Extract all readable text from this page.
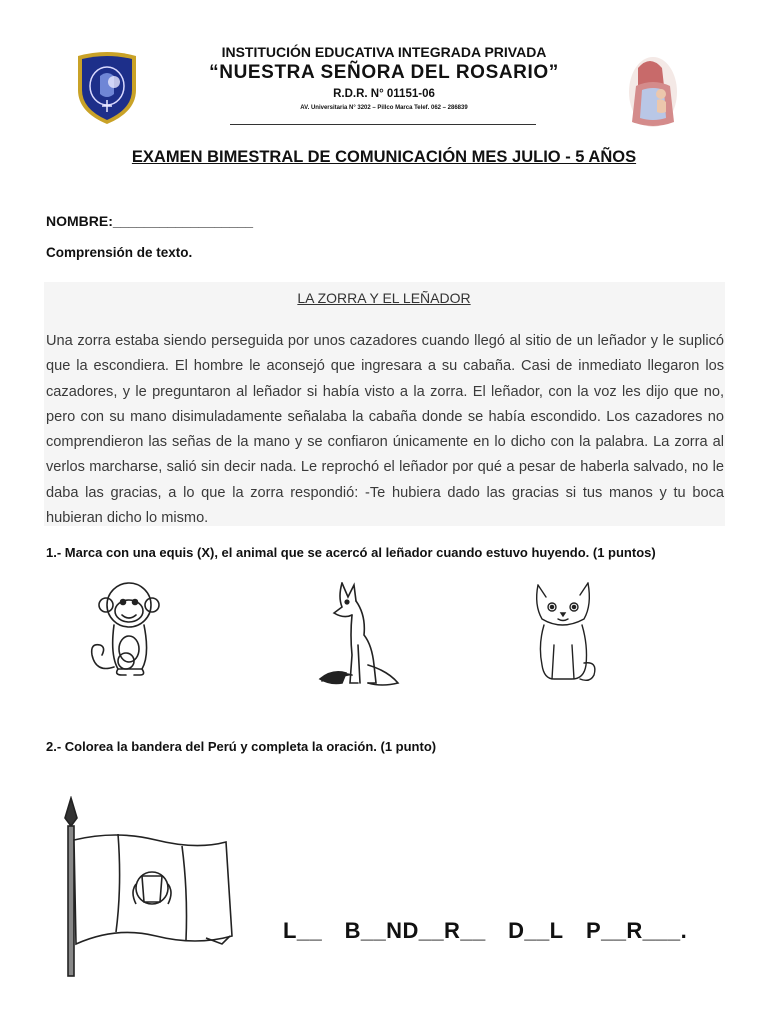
INSTITUCIÓN EDUCATIVA INTEGRADA PRIVADA
“NUESTRA SEÑORA DEL ROSARIO”
R.D.R. N° 01151-06
AV. Universitaria N° 3202 – Pillco Marca Telef. 062 – 286839
EXAMEN BIMESTRAL DE COMUNICACIÓN MES JULIO - 5 AÑOS
NOMBRE:__________________
Comprensión de texto.
LA ZORRA Y EL LEÑADOR
Una zorra estaba siendo perseguida por unos cazadores cuando llegó al sitio de un leñador y le suplicó que la escondiera. El hombre le aconsejó que ingresara a su cabaña. Casi de inmediato llegaron los cazadores, y le preguntaron al leñador si había visto a la zorra. El leñador, con la voz les dijo que no, pero con su mano disimuladamente señalaba la cabaña donde se había escondido. Los cazadores no comprendieron las señas de la mano y se confiaron únicamente en lo dicho con la palabra. La zorra al verlos marcharse, salió sin decir nada. Le reprochó el leñador por qué a pesar de haberla salvado, no le daba las gracias, a lo que la zorra respondió: -Te hubiera dado las gracias si tus manos y tu boca hubieran dicho lo mismo.
1.- Marca con una equis (X), el animal que se acercó al leñador cuando estuvo huyendo. (1 puntos)
2.- Colorea la bandera del Perú y completa la oración. (1 punto)
L__ B__ND__R__ D__L P__R___.
